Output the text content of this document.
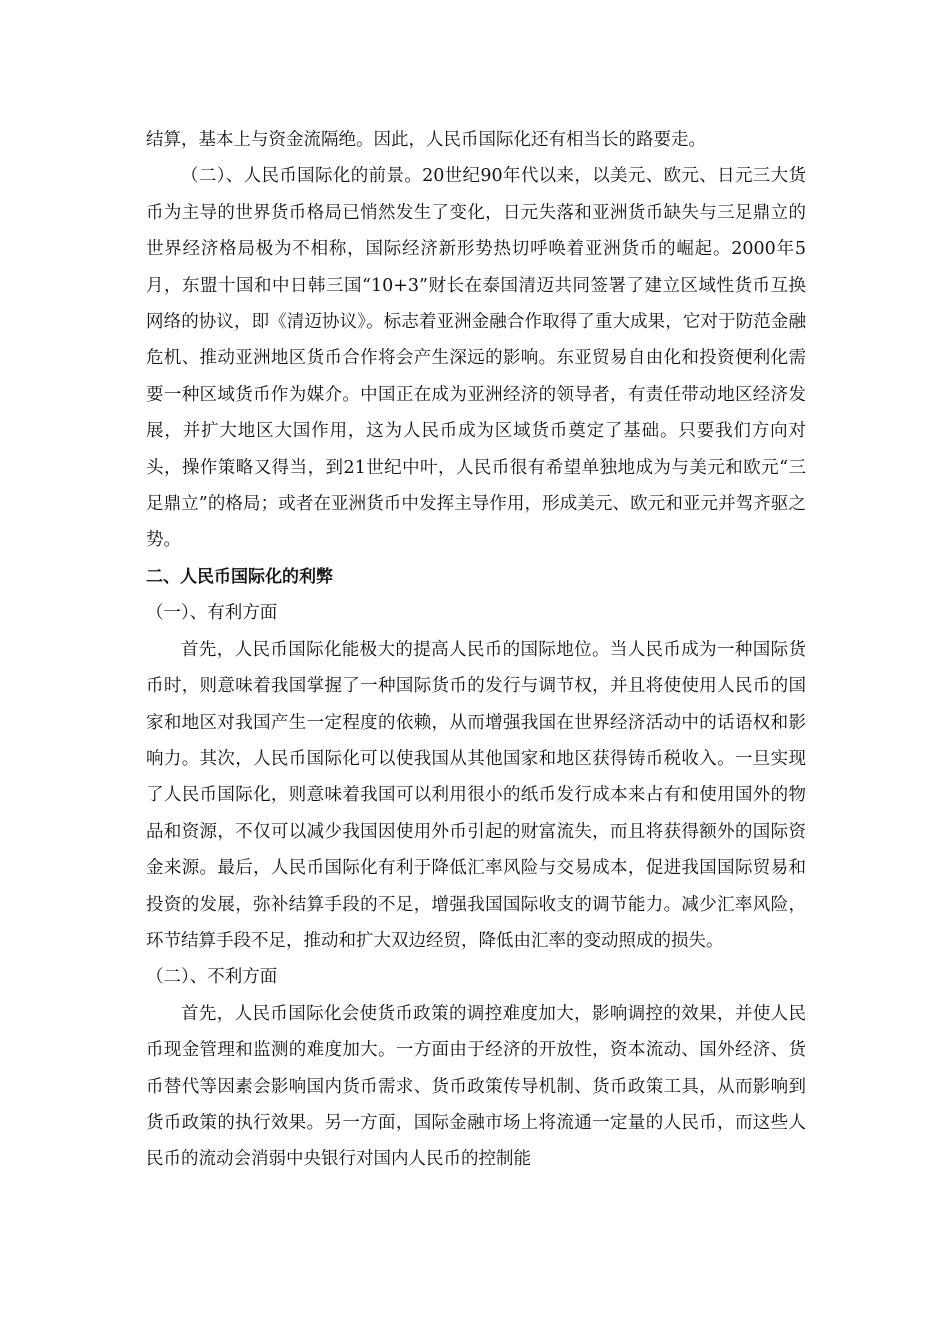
结算，基本上与资金流隔绝。因此，人民币国际化还有相当长的路要走。

（二）、人民币国际化的前景。20世纪90年代以来，以美元、欧元、日元三大货币为主导的世界货币格局已悄然发生了变化，日元失落和亚洲货币缺失与三足鼎立的世界经济格局极为不相称，国际经济新形势热切呼唤着亚洲货币的崛起。2000年5月，东盟十国和中日韩三国“10+3”财长在泰国清迈共同签署了建立区域性货币互换网络的协议，即《清迈协议》。标志着亚洲金融合作取得了重大成果，它对于防范金融危机、推动亚洲地区货币合作将会产生深远的影响。东亚贸易自由化和投资便利化需要一种区域货币作为媒介。中国正在成为亚洲经济的领导者，有责任带动地区经济发展，并扩大地区大国作用，这为人民币成为区域货币奠定了基础。只要我们方向对头，操作策略又得当，到21世纪中叶，人民币很有希望单独地成为与美元和欧元“三足鼎立”的格局；或者在亚洲货币中发挥主导作用，形成美元、欧元和亚元并驾齐驱之势。

二、人民币国际化的利弊

（一）、有利方面

首先，人民币国际化能极大的提高人民币的国际地位。当人民币成为一种国际货币时，则意味着我国掌握了一种国际货币的发行与调节权，并且将使使用人民币的国家和地区对我国产生一定程度的依赖，从而增强我国在世界经济活动中的话语权和影响力。其次，人民币国际化可以使我国从其他国家和地区获得铸币税收入。一旦实现了人民币国际化，则意味着我国可以利用很小的纸币发行成本来占有和使用国外的物品和资源，不仅可以减少我国因使用外币引起的财富流失，而且将获得额外的国际资金来源。最后，人民币国际化有利于降低汇率风险与交易成本，促进我国国际贸易和投资的发展，弥补结算手段的不足，增强我国国际收支的调节能力。减少汇率风险，环节结算手段不足，推动和扩大双边经贸，降低由汇率的变动照成的损失。

（二）、不利方面

首先，人民币国际化会使货币政策的调控难度加大，影响调控的效果，并使人民币现金管理和监测的难度加大。一方面由于经济的开放性，资本流动、国外经济、货币替代等因素会影响国内货币需求、货币政策传导机制、货币政策工具，从而影响到货币政策的执行效果。另一方面，国际金融市场上将流通一定量的人民币，而这些人民币的流动会消弱中央银行对国内人民币的控制能
